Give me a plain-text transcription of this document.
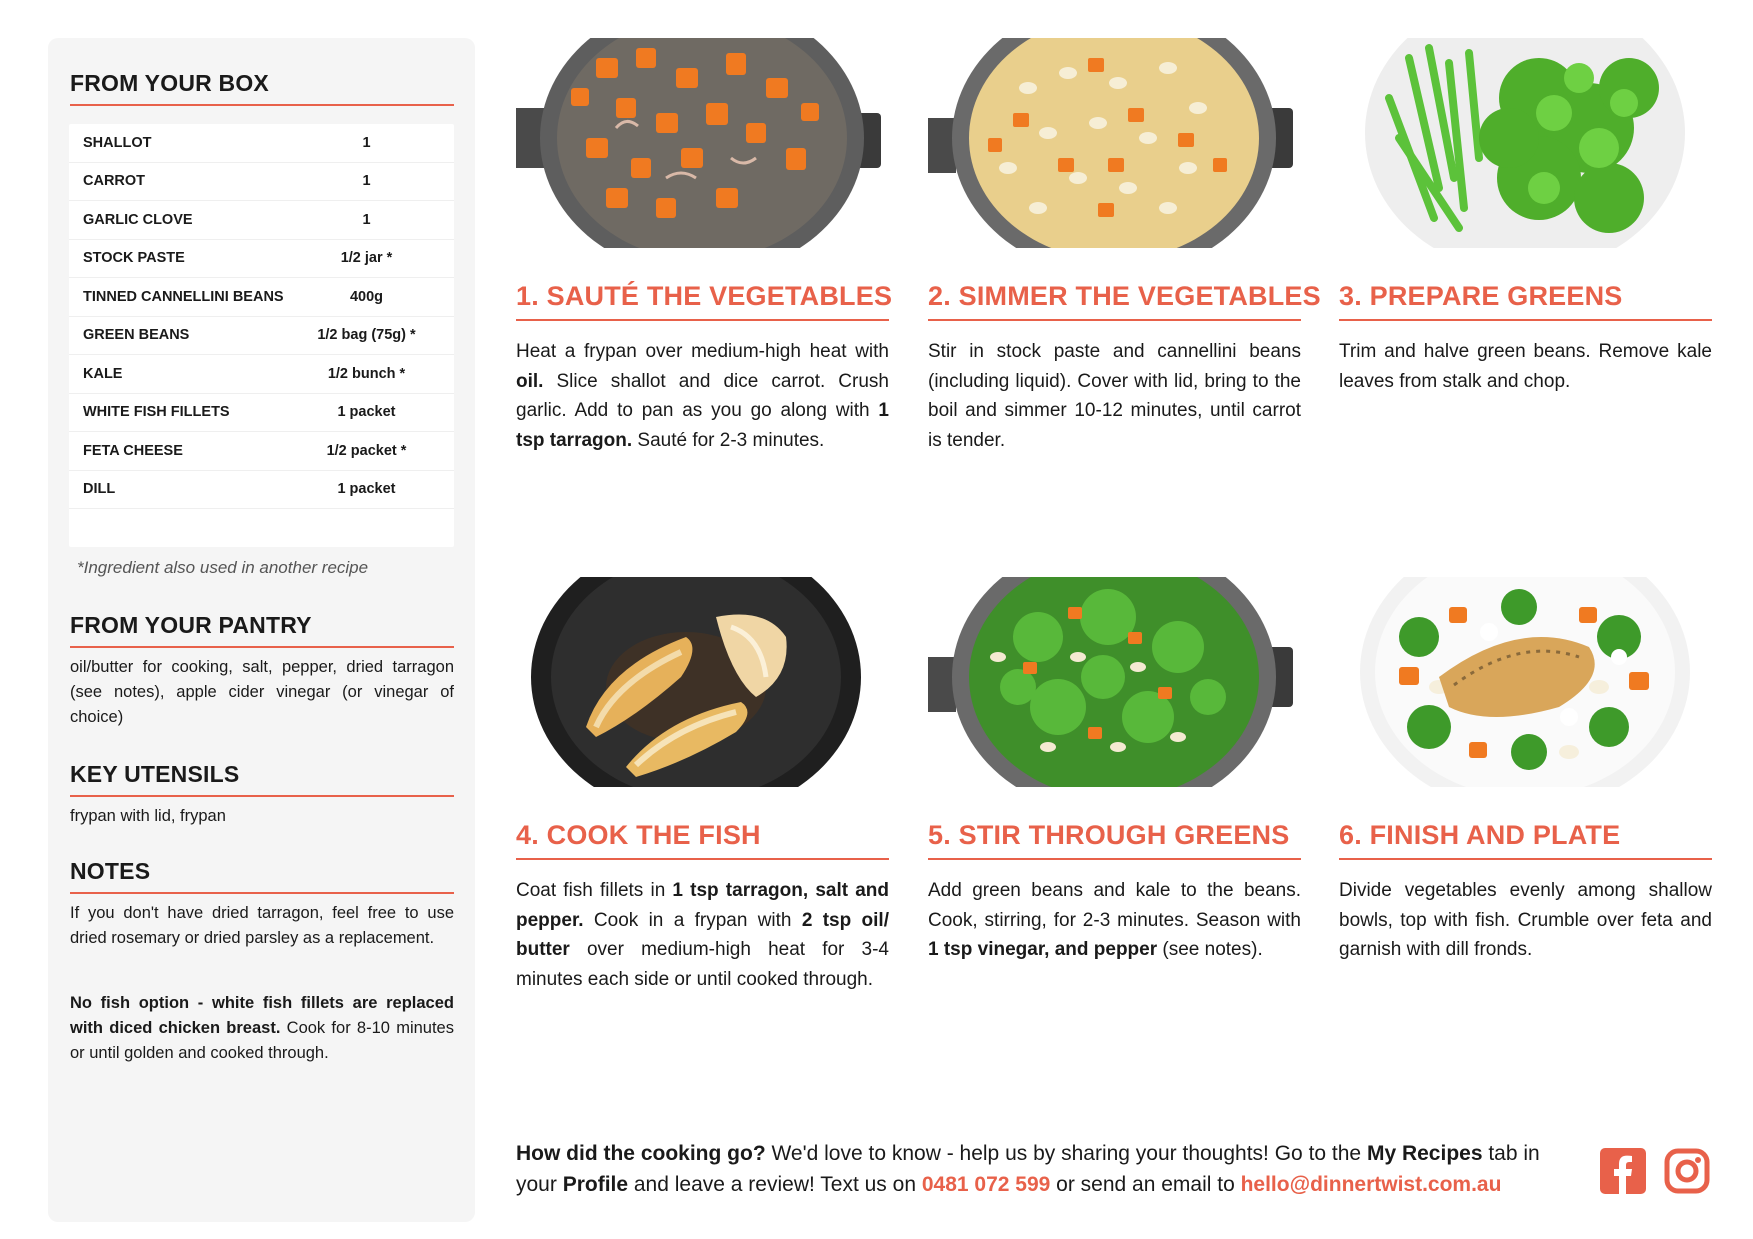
FROM YOUR BOX
SHALLOT	1
CARROT	1
GARLIC CLOVE	1
STOCK PASTE	1/2 jar *
TINNED CANNELLINI BEANS	400g
GREEN BEANS	1/2 bag (75g) *
KALE	1/2 bunch *
WHITE FISH FILLETS	1 packet
FETA CHEESE	1/2 packet *
DILL	1 packet
*Ingredient also used in another recipe
FROM YOUR PANTRY
oil/butter for cooking, salt, pepper, dried tarragon (see notes), apple cider vinegar (or vinegar of choice)
KEY UTENSILS
frypan with lid, frypan
NOTES
If you don't have dried tarragon, feel free to use dried rosemary or dried parsley as a replacement.
No fish option - white fish fillets are replaced with diced chicken breast. Cook for 8-10 minutes or until golden and cooked through.
1. SAUTÉ THE VEGETABLES
Heat a frypan over medium-high heat with oil. Slice shallot and dice carrot. Crush garlic. Add to pan as you go along with 1 tsp tarragon. Sauté for 2-3 minutes.
2. SIMMER THE VEGETABLES
Stir in stock paste and cannellini beans (including liquid). Cover with lid, bring to the boil and simmer 10-12 minutes, until carrot is tender.
3. PREPARE GREENS
Trim and halve green beans. Remove kale leaves from stalk and chop.
4. COOK THE FISH
Coat fish fillets in 1 tsp tarragon, salt and pepper. Cook in a frypan with 2 tsp oil/ butter over medium-high heat for 3-4 minutes each side or until cooked through.
5. STIR THROUGH GREENS
Add green beans and kale to the beans. Cook, stirring, for 2-3 minutes. Season with 1 tsp vinegar, and pepper (see notes).
6. FINISH AND PLATE
Divide vegetables evenly among shallow bowls, top with fish. Crumble over feta and garnish with dill fronds.
How did the cooking go? We'd love to know - help us by sharing your thoughts! Go to the My Recipes tab in your Profile and leave a review! Text us on 0481 072 599 or send an email to hello@dinnertwist.com.au
